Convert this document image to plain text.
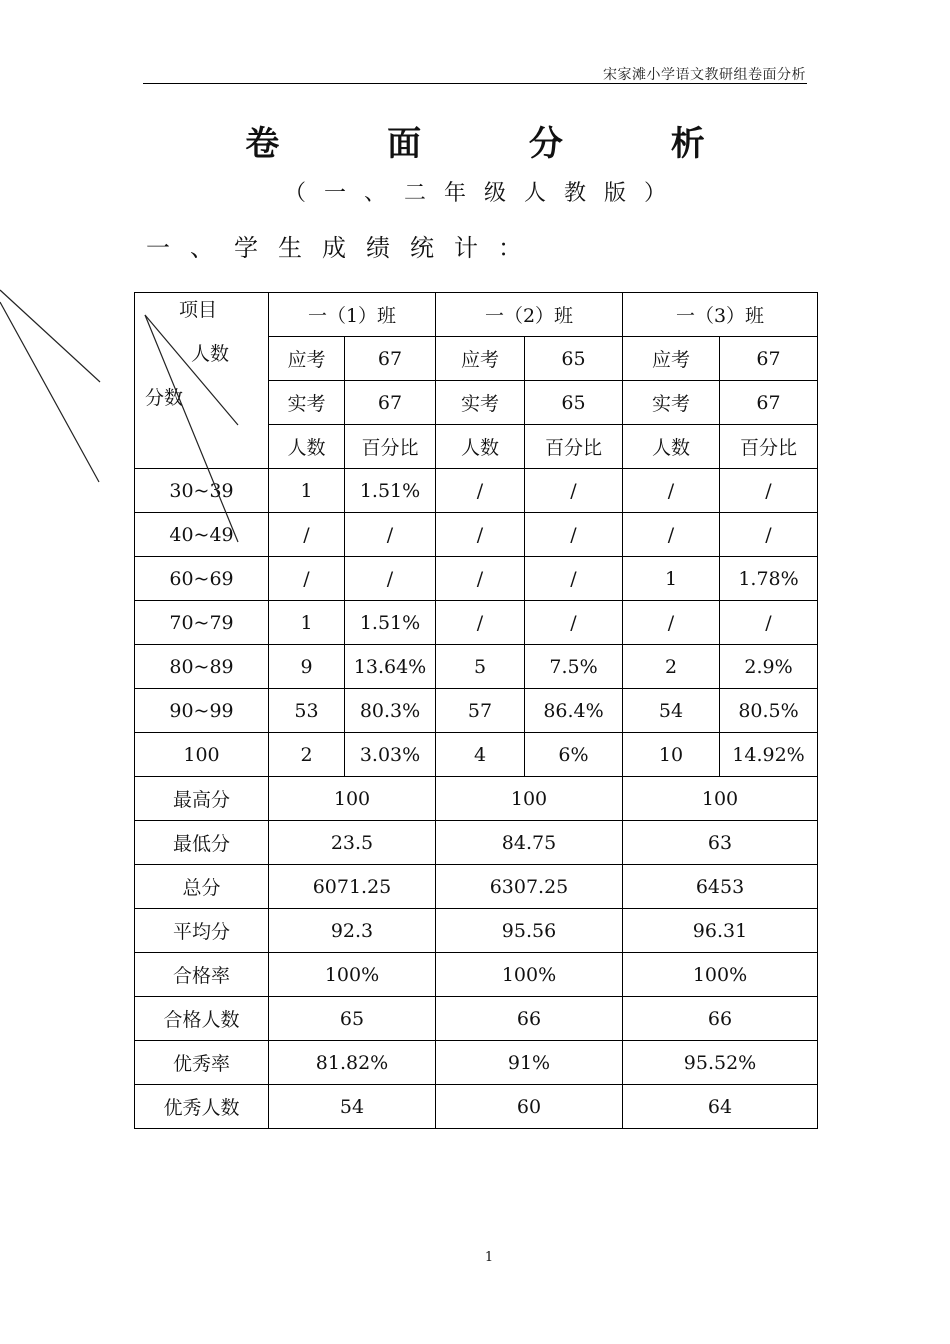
宋家滩小学语文教研组卷面分析
卷 面 分 析
（一、二年级人教版）
一、学生成绩统计：
项目
人数
分数	一（1）班		一（2）班		一（3）班	
	应考	67	应考	65	应考	67
	实考	67	实考	65	实考	67
	人数	百分比	人数	百分比	人数	百分比
30~39	1	1.51%	/	/	/	/
40~49	/	/	/	/	/	/
60~69	/	/	/	/	1	1.78%
70~79	1	1.51%	/	/	/	/
80~89	9	13.64%	5	7.5%	2	2.9%
90~99	53	80.3%	57	86.4%	54	80.5%
100	2	3.03%	4	6%	10	14.92%
最高分	100		100		100	
最低分	23.5		84.75		63	
总分	6071.25		6307.25		6453	
平均分	92.3		95.56		96.31	
合格率	100%		100%		100%	
合格人数	65		66		66	
优秀率	81.82%		91%		95.52%	
优秀人数	54		60		64	
1
